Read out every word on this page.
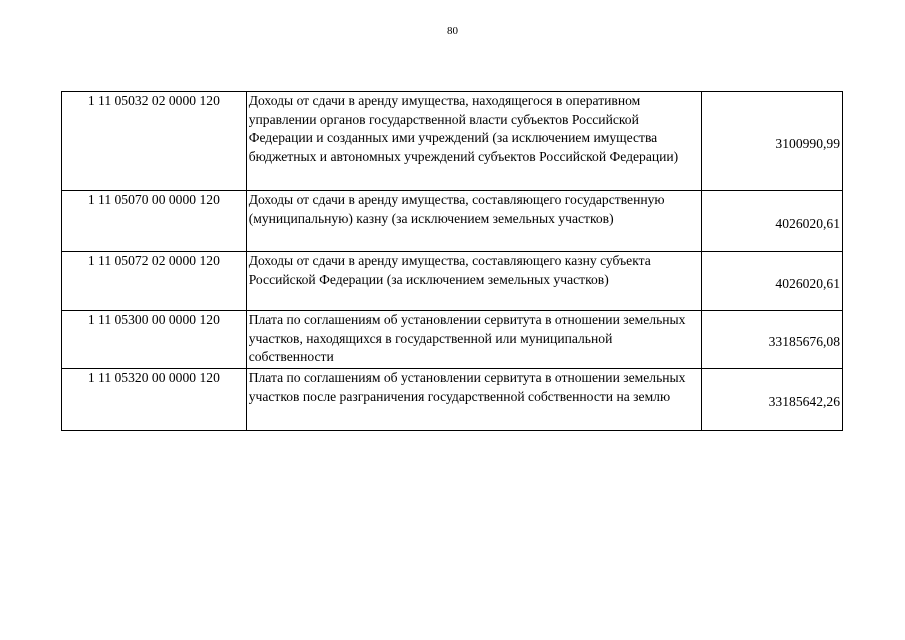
80
1 11 05032 02 0000 120	Доходы от сдачи в аренду имущества, находящегося в оперативном управлении органов государственной власти субъектов Российской Федерации и созданных ими учреждений (за исключением имущества бюджетных и автономных учреждений субъектов Российской Федерации)	3100990,99
1 11 05070 00 0000 120	Доходы от сдачи в аренду имущества, составляющего государственную (муниципальную) казну (за исключением земельных участков)	4026020,61
1 11 05072 02 0000 120	Доходы от сдачи в аренду имущества, составляющего казну субъекта Российской Федерации (за исключением земельных участков)	4026020,61
1 11 05300 00 0000 120	Плата по соглашениям об установлении сервитута в отношении земельных участков, находящихся в государственной или муниципальной собственности	33185676,08
1 11 05320 00 0000 120	Плата по соглашениям об установлении сервитута в отношении земельных участков после разграничения государственной собственности на землю	33185642,26
